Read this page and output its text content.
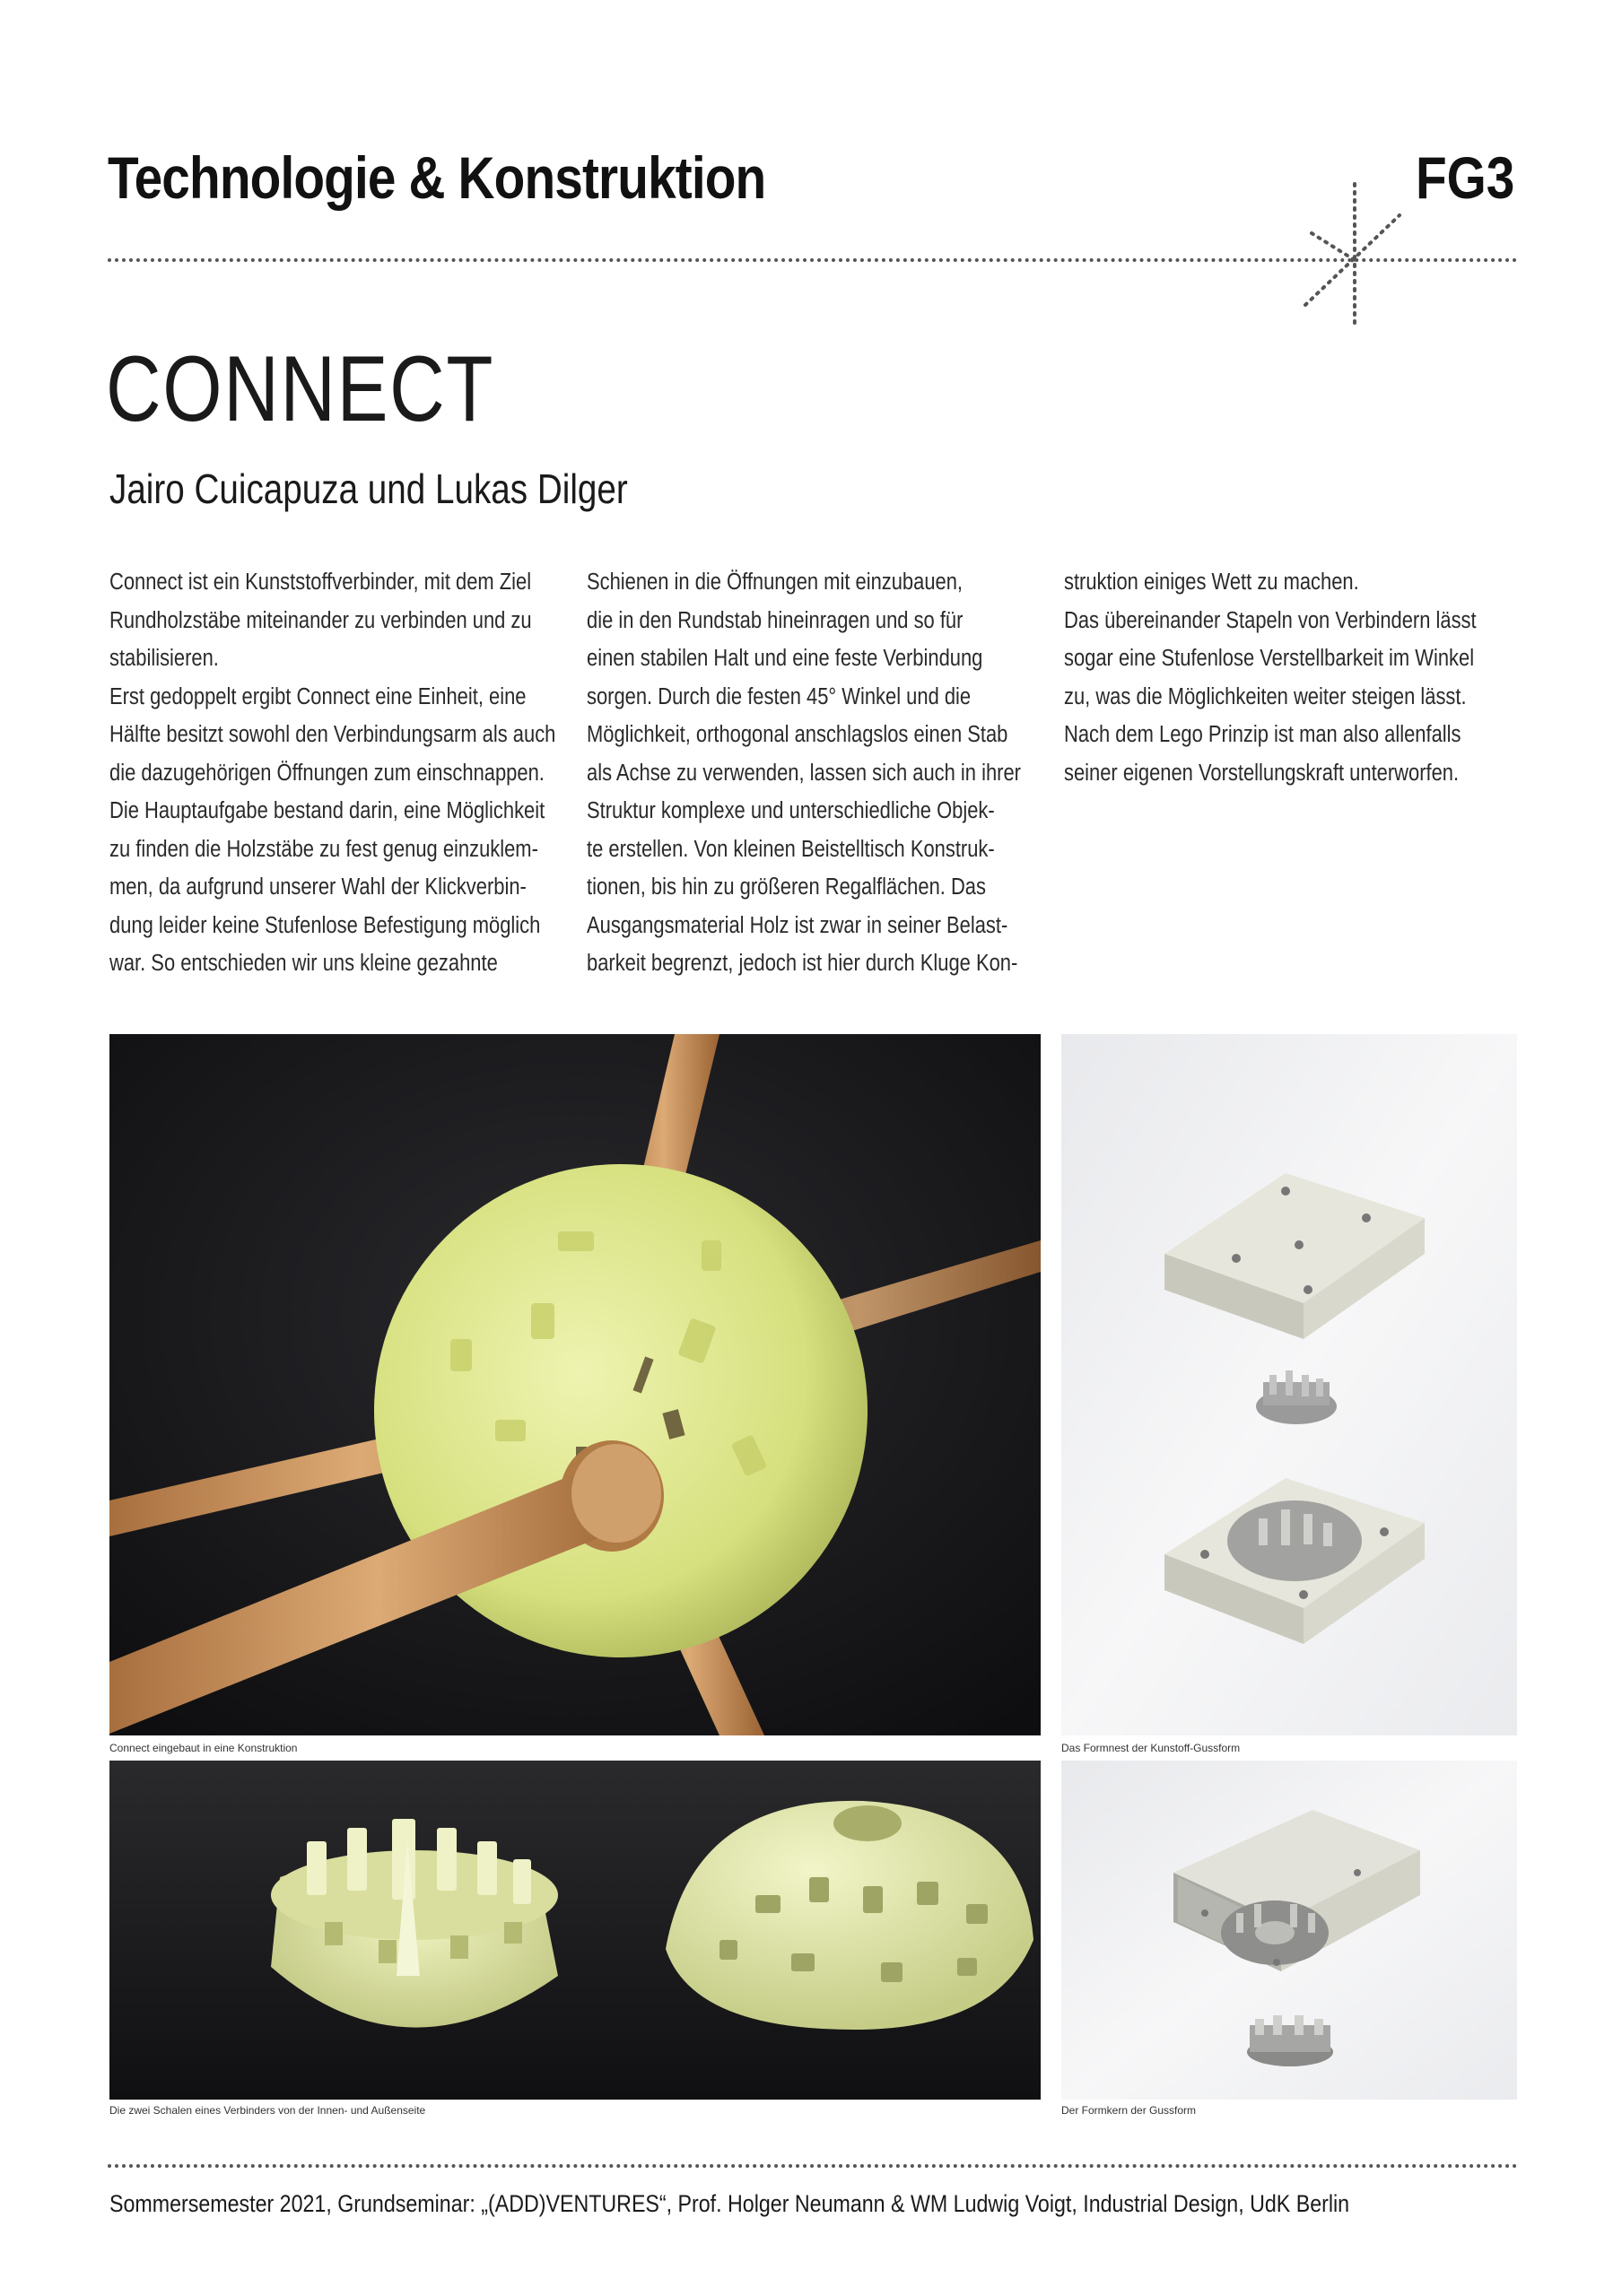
Technologie & Konstruktion	FG3
CONNECT
Jairo Cuicapuza und Lukas Dilger
Connect ist ein Kunststoffverbinder, mit dem Ziel
Rundholzstäbe miteinander zu verbinden und zu
stabilisieren.
Erst gedoppelt ergibt Connect eine Einheit, eine
Hälfte besitzt sowohl den Verbindungsarm als auch
die dazugehörigen Öffnungen zum einschnappen.
Die Hauptaufgabe bestand darin, eine Möglichkeit
zu finden die Holzstäbe zu fest genug einzuklem-
men, da aufgrund unserer Wahl der Klickverbin-
dung leider keine Stufenlose Befestigung möglich
war. So entschieden wir uns kleine gezahnte
Schienen in die Öffnungen mit einzubauen,
die in den Rundstab hineinragen und so für
einen stabilen Halt und eine feste Verbindung
sorgen. Durch die festen 45° Winkel und die
Möglichkeit, orthogonal anschlagslos einen Stab
als Achse zu verwenden, lassen sich auch in ihrer
Struktur komplexe und unterschiedliche Objek-
te erstellen. Von kleinen Beistelltisch Konstruk-
tionen, bis hin zu größeren Regalflächen. Das
Ausgangsmaterial Holz ist zwar in seiner Belast-
barkeit begrenzt, jedoch ist hier durch Kluge Kon-
struktion einiges Wett zu machen.
Das übereinander Stapeln von Verbindern lässt
sogar eine Stufenlose Verstellbarkeit im Winkel
zu, was die Möglichkeiten weiter steigen lässt.
Nach dem Lego Prinzip ist man also allenfalls
seiner eigenen Vorstellungskraft unterworfen.
Connect eingebaut in eine Konstruktion	Das Formnest der Kunstoff-Gussform
Die zwei Schalen eines Verbinders von der Innen- und Außenseite	Der Formkern der Gussform
Sommersemester 2021, Grundseminar: „(ADD)VENTURES“, Prof. Holger Neumann & WM Ludwig Voigt, Industrial Design, UdK Berlin
